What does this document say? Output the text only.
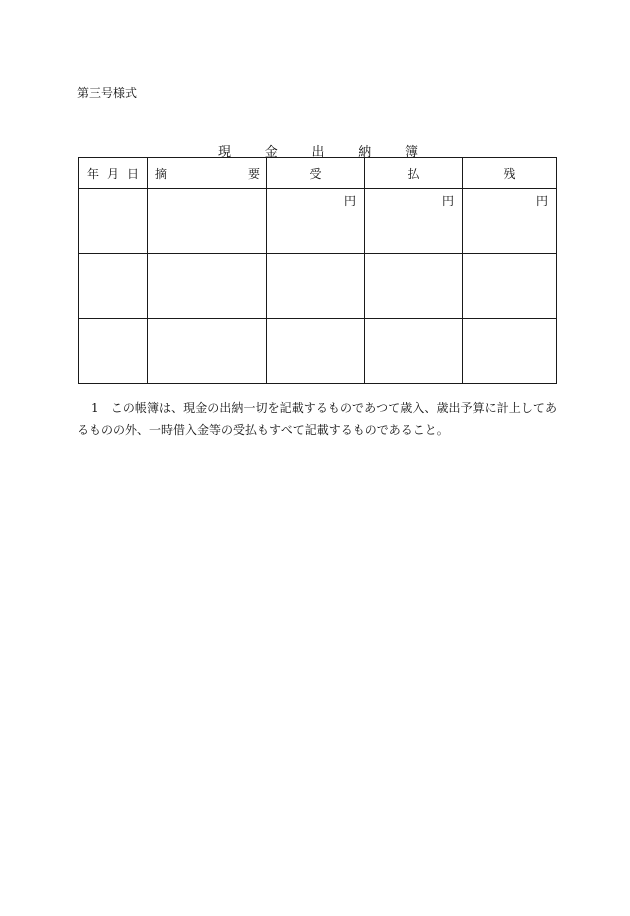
第三号様式
現	金	出	納	簿
年 月 日	摘 要	受	払	残

		円	円	円

1　この帳簿は、現金の出納一切を記載するものであつて歳入、歳出予算に計上してあるものの外、一時借入金等の受払もすべて記載するものであること。
